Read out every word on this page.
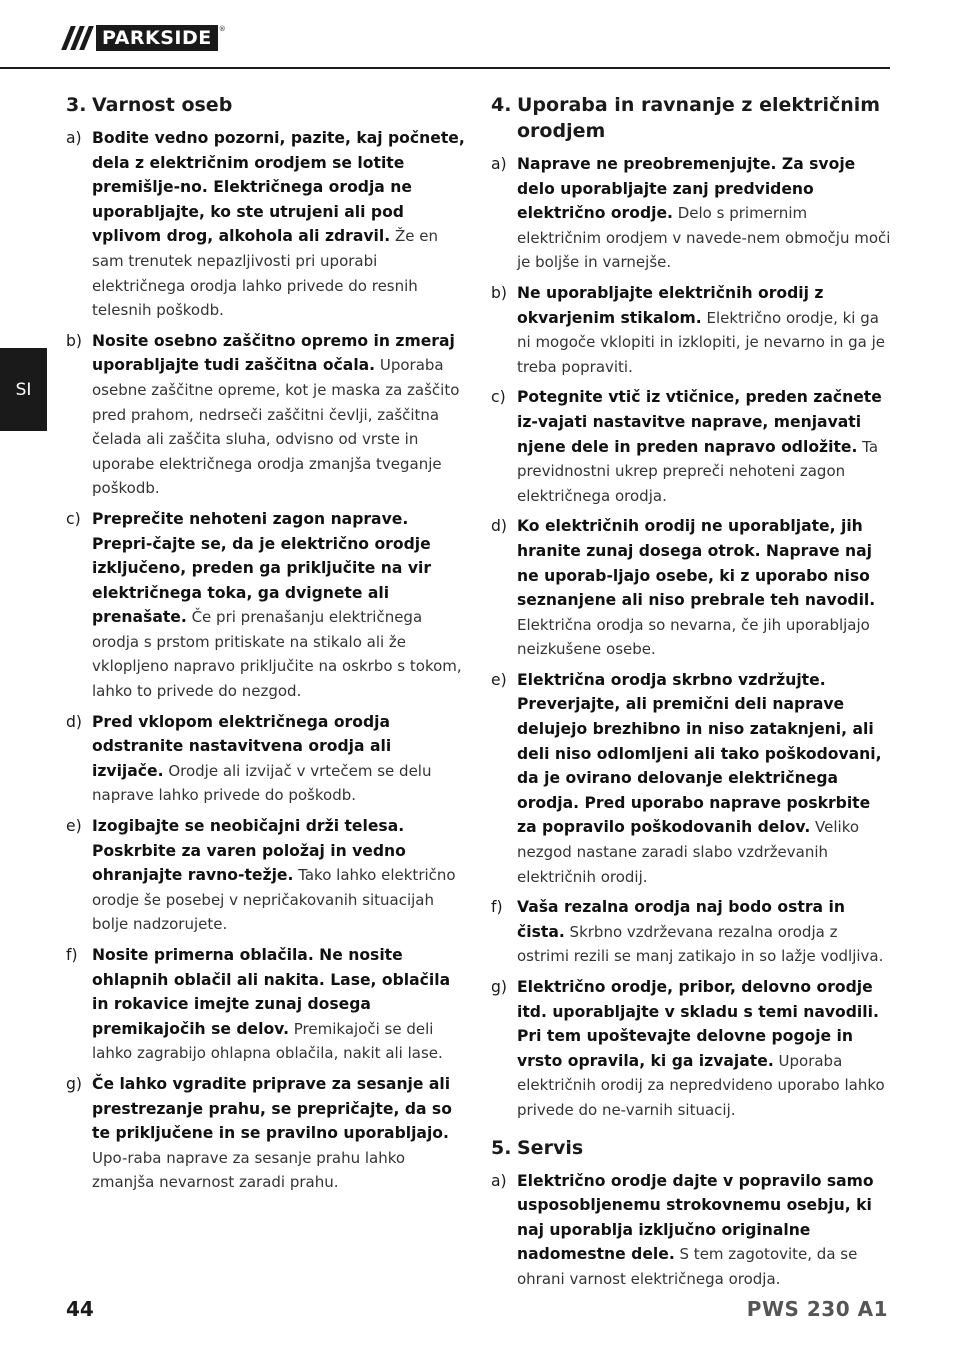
PARKSIDE	®
SI
3. Varnost oseb
a) Bodite vedno pozorni, pazite, kaj počnete, dela z električnim orodjem se lotite premišlje-no. Električnega orodja ne uporabljajte, ko ste utrujeni ali pod vplivom drog, alkohola ali zdravil. Že en sam trenutek nepazljivosti pri uporabi električnega orodja lahko privede do resnih telesnih poškodb.
b) Nosite osebno zaščitno opremo in zmeraj uporabljajte tudi zaščitna očala. Uporaba osebne zaščitne opreme, kot je maska za zaščito pred prahom, nedrseči zaščitni čevlji, zaščitna čelada ali zaščita sluha, odvisno od vrste in uporabe električnega orodja zmanjša tveganje poškodb.
c) Preprečite nehoteni zagon naprave. Prepri-čajte se, da je električno orodje izključeno, preden ga priključite na vir električnega toka, ga dvignete ali prenašate. Če pri prenašanju električnega orodja s prstom pritiskate na stikalo ali že vklopljeno napravo priključite na oskrbo s tokom, lahko to privede do nezgod.
d) Pred vklopom električnega orodja odstranite nastavitvena orodja ali izvijače. Orodje ali izvijač v vrtečem se delu naprave lahko privede do poškodb.
e) Izogibajte se neobičajni drži telesa. Poskrbite za varen položaj in vedno ohranjajte ravno-težje. Tako lahko električno orodje še posebej v nepričakovanih situacijah bolje nadzorujete.
f) Nosite primerna oblačila. Ne nosite ohlapnih oblačil ali nakita. Lase, oblačila in rokavice imejte zunaj dosega premikajočih se delov. Premikajoči se deli lahko zagrabijo ohlapna oblačila, nakit ali lase.
g) Če lahko vgradite priprave za sesanje ali prestrezanje prahu, se prepričajte, da so te priključene in se pravilno uporabljajo. Upo-raba naprave za sesanje prahu lahko zmanjša nevarnost zaradi prahu.
4. Uporaba in ravnanje z električnim orodjem
a) Naprave ne preobremenjujte. Za svoje delo uporabljajte zanj predvideno električno orodje. Delo s primernim električnim orodjem v navede-nem območju moči je boljše in varnejše.
b) Ne uporabljajte električnih orodij z okvarjenim stikalom. Električno orodje, ki ga ni mogoče vklopiti in izklopiti, je nevarno in ga je treba popraviti.
c) Potegnite vtič iz vtičnice, preden začnete iz-vajati nastavitve naprave, menjavati njene dele in preden napravo odložite. Ta previdnostni ukrep prepreči nehoteni zagon električnega orodja.
d) Ko električnih orodij ne uporabljate, jih hranite zunaj dosega otrok. Naprave naj ne uporab-ljajo osebe, ki z uporabo niso seznanjene ali niso prebrale teh navodil. Električna orodja so nevarna, če jih uporabljajo neizkušene osebe.
e) Električna orodja skrbno vzdržujte. Preverjajte, ali premični deli naprave delujejo brezhibno in niso zataknjeni, ali deli niso odlomljeni ali tako poškodovani, da je ovirano delovanje električnega orodja. Pred uporabo naprave poskrbite za popravilo poškodovanih delov. Veliko nezgod nastane zaradi slabo vzdrževanih električnih orodij.
f) Vaša rezalna orodja naj bodo ostra in čista. Skrbno vzdrževana rezalna orodja z ostrimi rezili se manj zatikajo in so lažje vodljiva.
g) Električno orodje, pribor, delovno orodje itd. uporabljajte v skladu s temi navodili. Pri tem upoštevajte delovne pogoje in vrsto opravila, ki ga izvajate. Uporaba električnih orodij za nepredvideno uporabo lahko privede do ne-varnih situacij.
5. Servis
a) Električno orodje dajte v popravilo samo usposobljenemu strokovnemu osebju, ki naj uporablja izključno originalne nadomestne dele. S tem zagotovite, da se ohrani varnost električnega orodja.
44	PWS 230 A1
